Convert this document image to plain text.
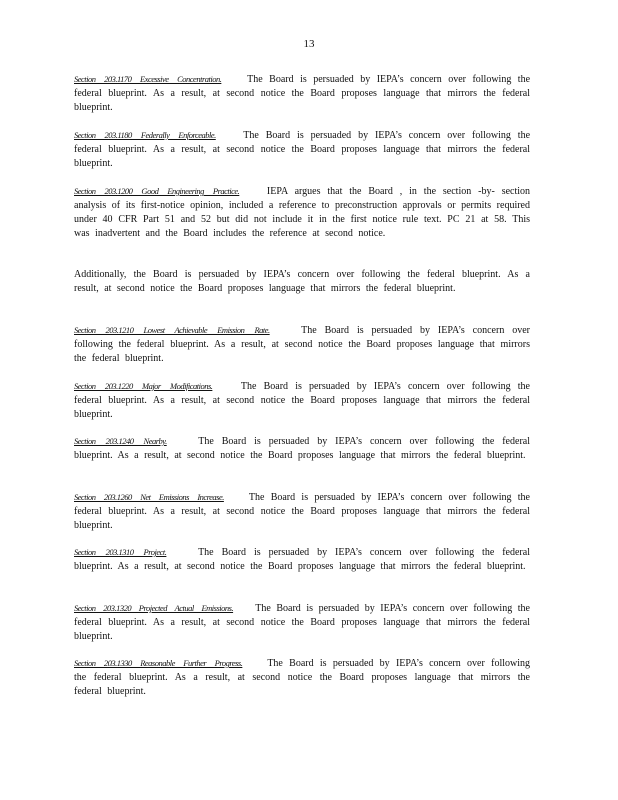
13

Section 203.1170 Excessive Concentration.	The Board is persuaded by IEPA’s concern over following the federal blueprint. As a result, at second notice the Board proposes language that mirrors the federal blueprint.

Section 203.1180 Federally Enforceable.	The Board is persuaded by IEPA’s concern over following the federal blueprint. As a result, at second notice the Board proposes language that mirrors the federal blueprint.

Section 203.1200 Good Engineering Practice.	IEPA argues that the Board , in the section -by- section analysis of its first-notice opinion, included a reference to preconstruction approvals or permits required under 40 CFR Part 51 and 52 but did not include it in the first notice rule text. PC 21 at 58. This was inadvertent and the Board includes the reference at second notice.

Additionally, the Board is persuaded by IEPA’s concern over following the federal blueprint. As a result, at second notice the Board proposes language that mirrors the federal blueprint.

Section 203.1210 Lowest Achievable Emission Rate.	The Board is persuaded by IEPA’s concern over following the federal blueprint. As a result, at second notice the Board proposes language that mirrors the federal blueprint.

Section 203.1220 Major Modifications.	The Board is persuaded by IEPA’s concern over following the federal blueprint. As a result, at second notice the Board proposes language that mirrors the federal blueprint.

Section 203.1240 Nearby.	The Board is persuaded by IEPA’s concern over following the federal blueprint. As a result, at second notice the Board proposes language that mirrors the federal blueprint.

Section 203.1260 Net Emissions Increase. The Board is persuaded by IEPA’s concern over following the federal blueprint. As a result, at second notice the Board proposes language that mirrors the federal blueprint.

Section 203.1310 Project.	The Board is persuaded by IEPA’s concern over following the federal blueprint. As a result, at second notice the Board proposes language that mirrors the federal blueprint.

Section 203.1320 Projected Actual Emissions. The Board is persuaded by IEPA’s concern over following the federal blueprint. As a result, at second notice the Board proposes language that mirrors the federal blueprint.

Section 203.1330 Reasonable Further Progress. The Board is persuaded by IEPA’s concern over following the federal blueprint. As a result, at second notice the Board proposes language that mirrors the federal blueprint.
